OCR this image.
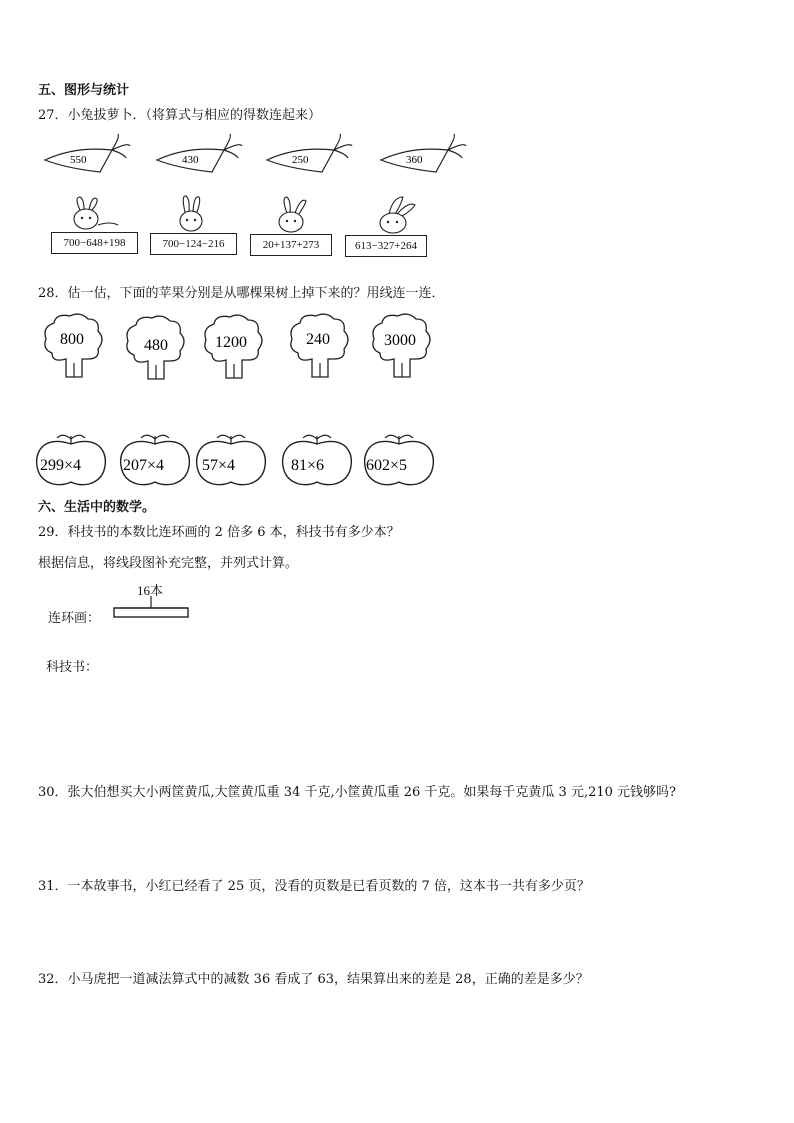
五、图形与统计
27．小兔拔萝卜．（将算式与相应的得数连起来）
550	430	250	360
700−648+198	700−124−216	20+137+273	613−327+264
28．估一估，下面的苹果分别是从哪棵果树上掉下来的？用线连一连．
800	480	1200	240	3000
299×4	207×4 57×4	81×6	602×5
六、生活中的数学。
29．科技书的本数比连环画的 2 倍多 6 本，科技书有多少本？
根据信息，将线段图补充完整，并列式计算。
16本
连环画：
科技书：
30．张大伯想买大小两筐黄瓜,大筐黄瓜重 34 千克,小筐黄瓜重 26 千克。如果每千克黄瓜 3 元,210 元钱够吗?
31．一本故事书，小红已经看了 25 页，没看的页数是已看页数的 7 倍，这本书一共有多少页？
32．小马虎把一道减法算式中的减数 36 看成了 63，结果算出来的差是 28，正确的差是多少？
